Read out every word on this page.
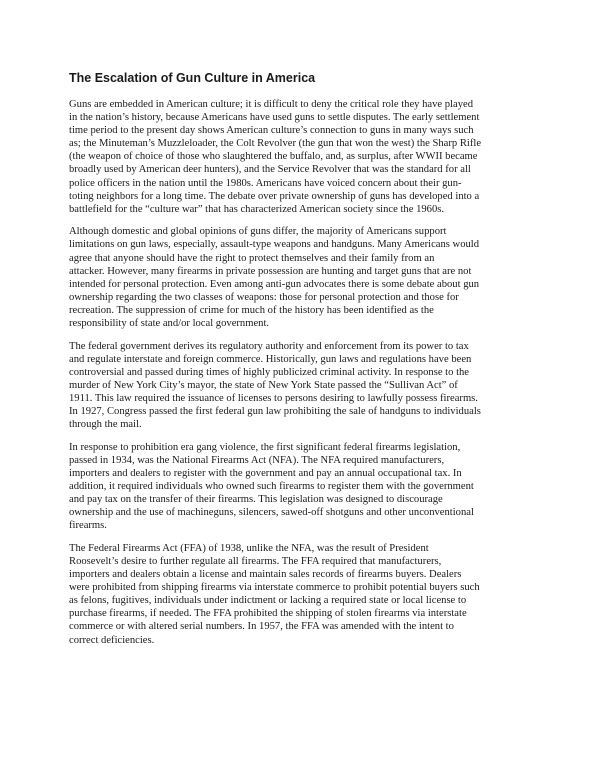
The Escalation of Gun Culture in America

Guns are embedded in American culture; it is difficult to deny the critical role they have played
in the nation’s history, because Americans have used guns to settle disputes. The early settlement
time period to the present day shows American culture’s connection to guns in many ways such
as; the Minuteman’s Muzzleloader, the Colt Revolver (the gun that won the west) the Sharp Rifle
(the weapon of choice of those who slaughtered the buffalo, and, as surplus, after WWII became
broadly used by American deer hunters), and the Service Revolver that was the standard for all
police officers in the nation until the 1980s. Americans have voiced concern about their gun-
toting neighbors for a long time. The debate over private ownership of guns has developed into a
battlefield for the “culture war” that has characterized American society since the 1960s.

Although domestic and global opinions of guns differ, the majority of Americans support
limitations on gun laws, especially, assault-type weapons and handguns. Many Americans would
agree that anyone should have the right to protect themselves and their family from an
attacker. However, many firearms in private possession are hunting and target guns that are not
intended for personal protection. Even among anti-gun advocates there is some debate about gun
ownership regarding the two classes of weapons: those for personal protection and those for
recreation. The suppression of crime for much of the history has been identified as the
responsibility of state and/or local government.

The federal government derives its regulatory authority and enforcement from its power to tax
and regulate interstate and foreign commerce. Historically, gun laws and regulations have been
controversial and passed during times of highly publicized criminal activity. In response to the
murder of New York City’s mayor, the state of New York State passed the “Sullivan Act” of
1911. This law required the issuance of licenses to persons desiring to lawfully possess firearms.
In 1927, Congress passed the first federal gun law prohibiting the sale of handguns to individuals
through the mail.

In response to prohibition era gang violence, the first significant federal firearms legislation,
passed in 1934, was the National Firearms Act (NFA). The NFA required manufacturers,
importers and dealers to register with the government and pay an annual occupational tax. In
addition, it required individuals who owned such firearms to register them with the government
and pay tax on the transfer of their firearms. This legislation was designed to discourage
ownership and the use of machineguns, silencers, sawed-off shotguns and other unconventional
firearms.

The Federal Firearms Act (FFA) of 1938, unlike the NFA, was the result of President
Roosevelt’s desire to further regulate all firearms. The FFA required that manufacturers,
importers and dealers obtain a license and maintain sales records of firearms buyers. Dealers
were prohibited from shipping firearms via interstate commerce to prohibit potential buyers such
as felons, fugitives, individuals under indictment or lacking a required state or local license to
purchase firearms, if needed. The FFA prohibited the shipping of stolen firearms via interstate
commerce or with altered serial numbers. In 1957, the FFA was amended with the intent to
correct deficiencies.
